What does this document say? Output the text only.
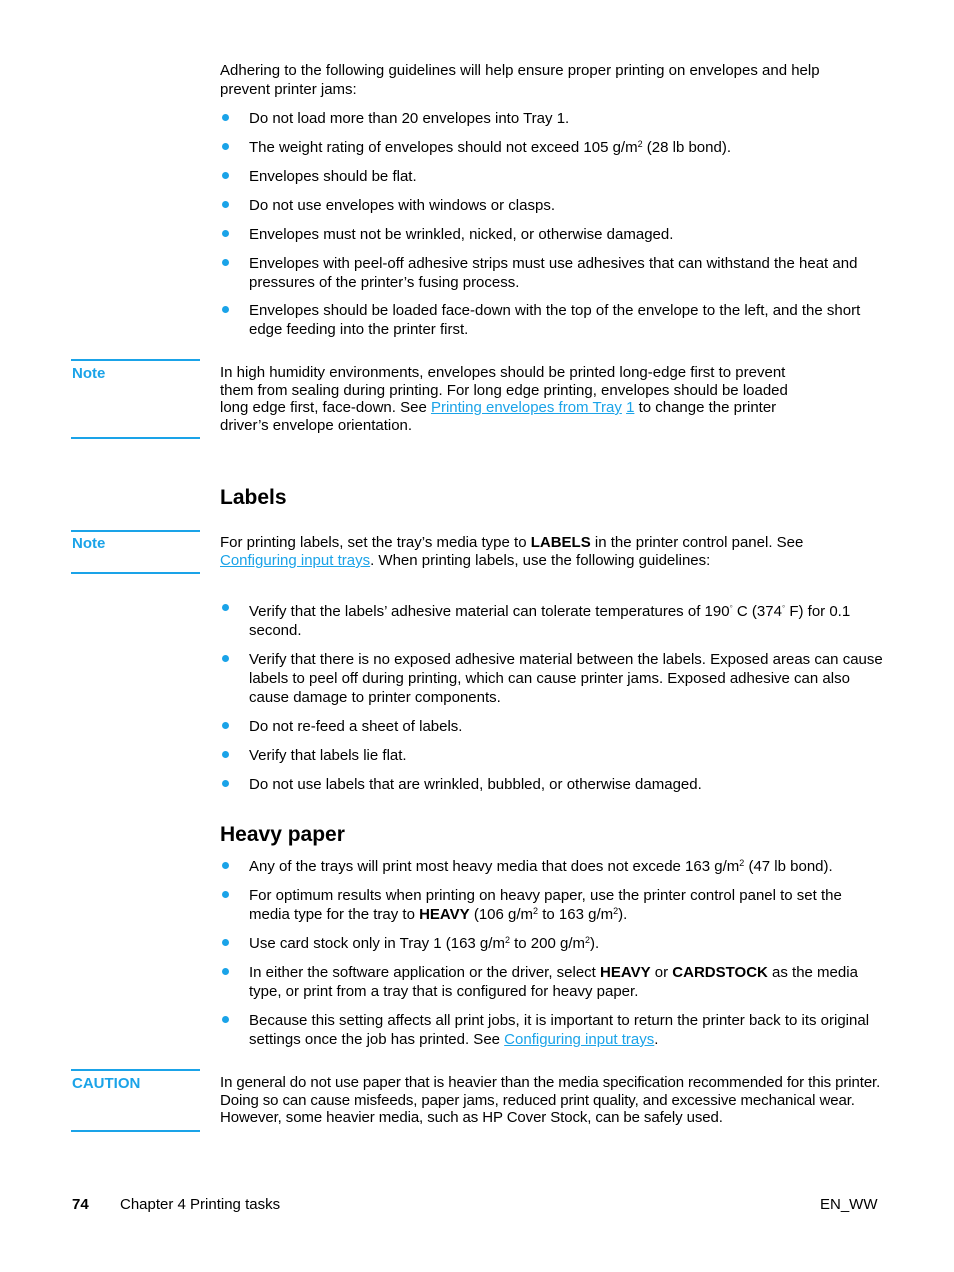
Adhering to the following guidelines will help ensure proper printing on envelopes and help prevent printer jams:

Do not load more than 20 envelopes into Tray 1.
The weight rating of envelopes should not exceed 105 $g/m^2$ (28 lb bond).
Envelopes should be flat.
Do not use envelopes with windows or clasps.
Envelopes must not be wrinkled, nicked, or otherwise damaged.
Envelopes with peel-off adhesive strips must use adhesives that can withstand the heat and pressures of the printer’s fusing process.
Envelopes should be loaded face-down with the top of the envelope to the left, and the short edge feeding into the printer first.
Note	In high humidity environments, envelopes should be printed long-edge first to prevent them from sealing during printing. For long edge printing, envelopes should be loaded long edge first, face-down. See Printing envelopes from Tray 1 to change the printer driver’s envelope orientation.

Labels
Note	For printing labels, set the tray’s media type to LABELS in the printer control panel. See Configuring input trays. When printing labels, use the following guidelines:

Verify that the labels’ adhesive material can tolerate temperatures of 190° C (374° F) for 0.1 second.
Verify that there is no exposed adhesive material between the labels. Exposed areas can cause labels to peel off during printing, which can cause printer jams. Exposed adhesive can also cause damage to printer components.
Do not re-feed a sheet of labels.
Verify that labels lie flat.
Do not use labels that are wrinkled, bubbled, or otherwise damaged.
Heavy paper
Any of the trays will print most heavy media that does not excede 163 $g/m^2$ (47 lb bond).
For optimum results when printing on heavy paper, use the printer control panel to set the media type for the tray to HEAVY (106 $g/m^2$ to 163 $g/m^2$).
Use card stock only in Tray 1 (163 $g/m^2$ to 200 $g/m^2$).
In either the software application or the driver, select HEAVY or CARDSTOCK as the media type, or print from a tray that is configured for heavy paper.
Because this setting affects all print jobs, it is important to return the printer back to its original settings once the job has printed. See Configuring input trays.
CAUTION	In general do not use paper that is heavier than the media specification recommended for this printer. Doing so can cause misfeeds, paper jams, reduced print quality, and excessive mechanical wear. However, some heavier media, such as HP Cover Stock, can be safely used.

74 Chapter 4 Printing tasks	EN_WW
